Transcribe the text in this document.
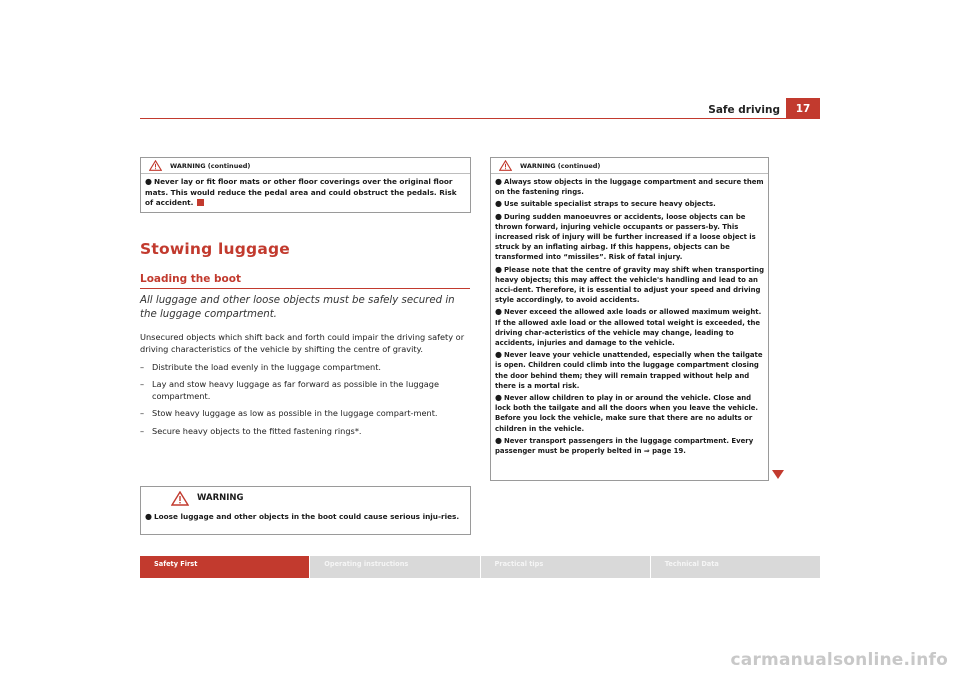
Safe driving	17
WARNING (continued)
● Never lay or fit floor mats or other floor coverings over the original floor mats. This would reduce the pedal area and could obstruct the pedals. Risk of accident.
Stowing luggage
Loading the boot
All luggage and other loose objects must be safely secured in the luggage compartment.
Unsecured objects which shift back and forth could impair the driving safety or driving characteristics of the vehicle by shifting the centre of gravity.
– Distribute the load evenly in the luggage compartment.
– Lay and stow heavy luggage as far forward as possible in the luggage compartment.
– Stow heavy luggage as low as possible in the luggage compart-ment.
– Secure heavy objects to the fitted fastening rings*.
WARNING
● Loose luggage and other objects in the boot could cause serious inju-ries.
WARNING (continued)
● Always stow objects in the luggage compartment and secure them on the fastening rings.
● Use suitable specialist straps to secure heavy objects.
● During sudden manoeuvres or accidents, loose objects can be thrown forward, injuring vehicle occupants or passers-by. This increased risk of injury will be further increased if a loose object is struck by an inflating airbag. If this happens, objects can be transformed into “missiles”. Risk of fatal injury.
● Please note that the centre of gravity may shift when transporting heavy objects; this may affect the vehicle's handling and lead to an acci-dent. Therefore, it is essential to adjust your speed and driving style accordingly, to avoid accidents.
● Never exceed the allowed axle loads or allowed maximum weight. If the allowed axle load or the allowed total weight is exceeded, the driving char-acteristics of the vehicle may change, leading to accidents, injuries and damage to the vehicle.
● Never leave your vehicle unattended, especially when the tailgate is open. Children could climb into the luggage compartment closing the door behind them; they will remain trapped without help and there is a mortal risk.
● Never allow children to play in or around the vehicle. Close and lock both the tailgate and all the doors when you leave the vehicle. Before you lock the vehicle, make sure that there are no adults or children in the vehicle.
● Never transport passengers in the luggage compartment. Every passenger must be properly belted in ⇒ page 19.
Safety First	Operating instructions	Practical tips	Technical Data
carmanualsonline.info
